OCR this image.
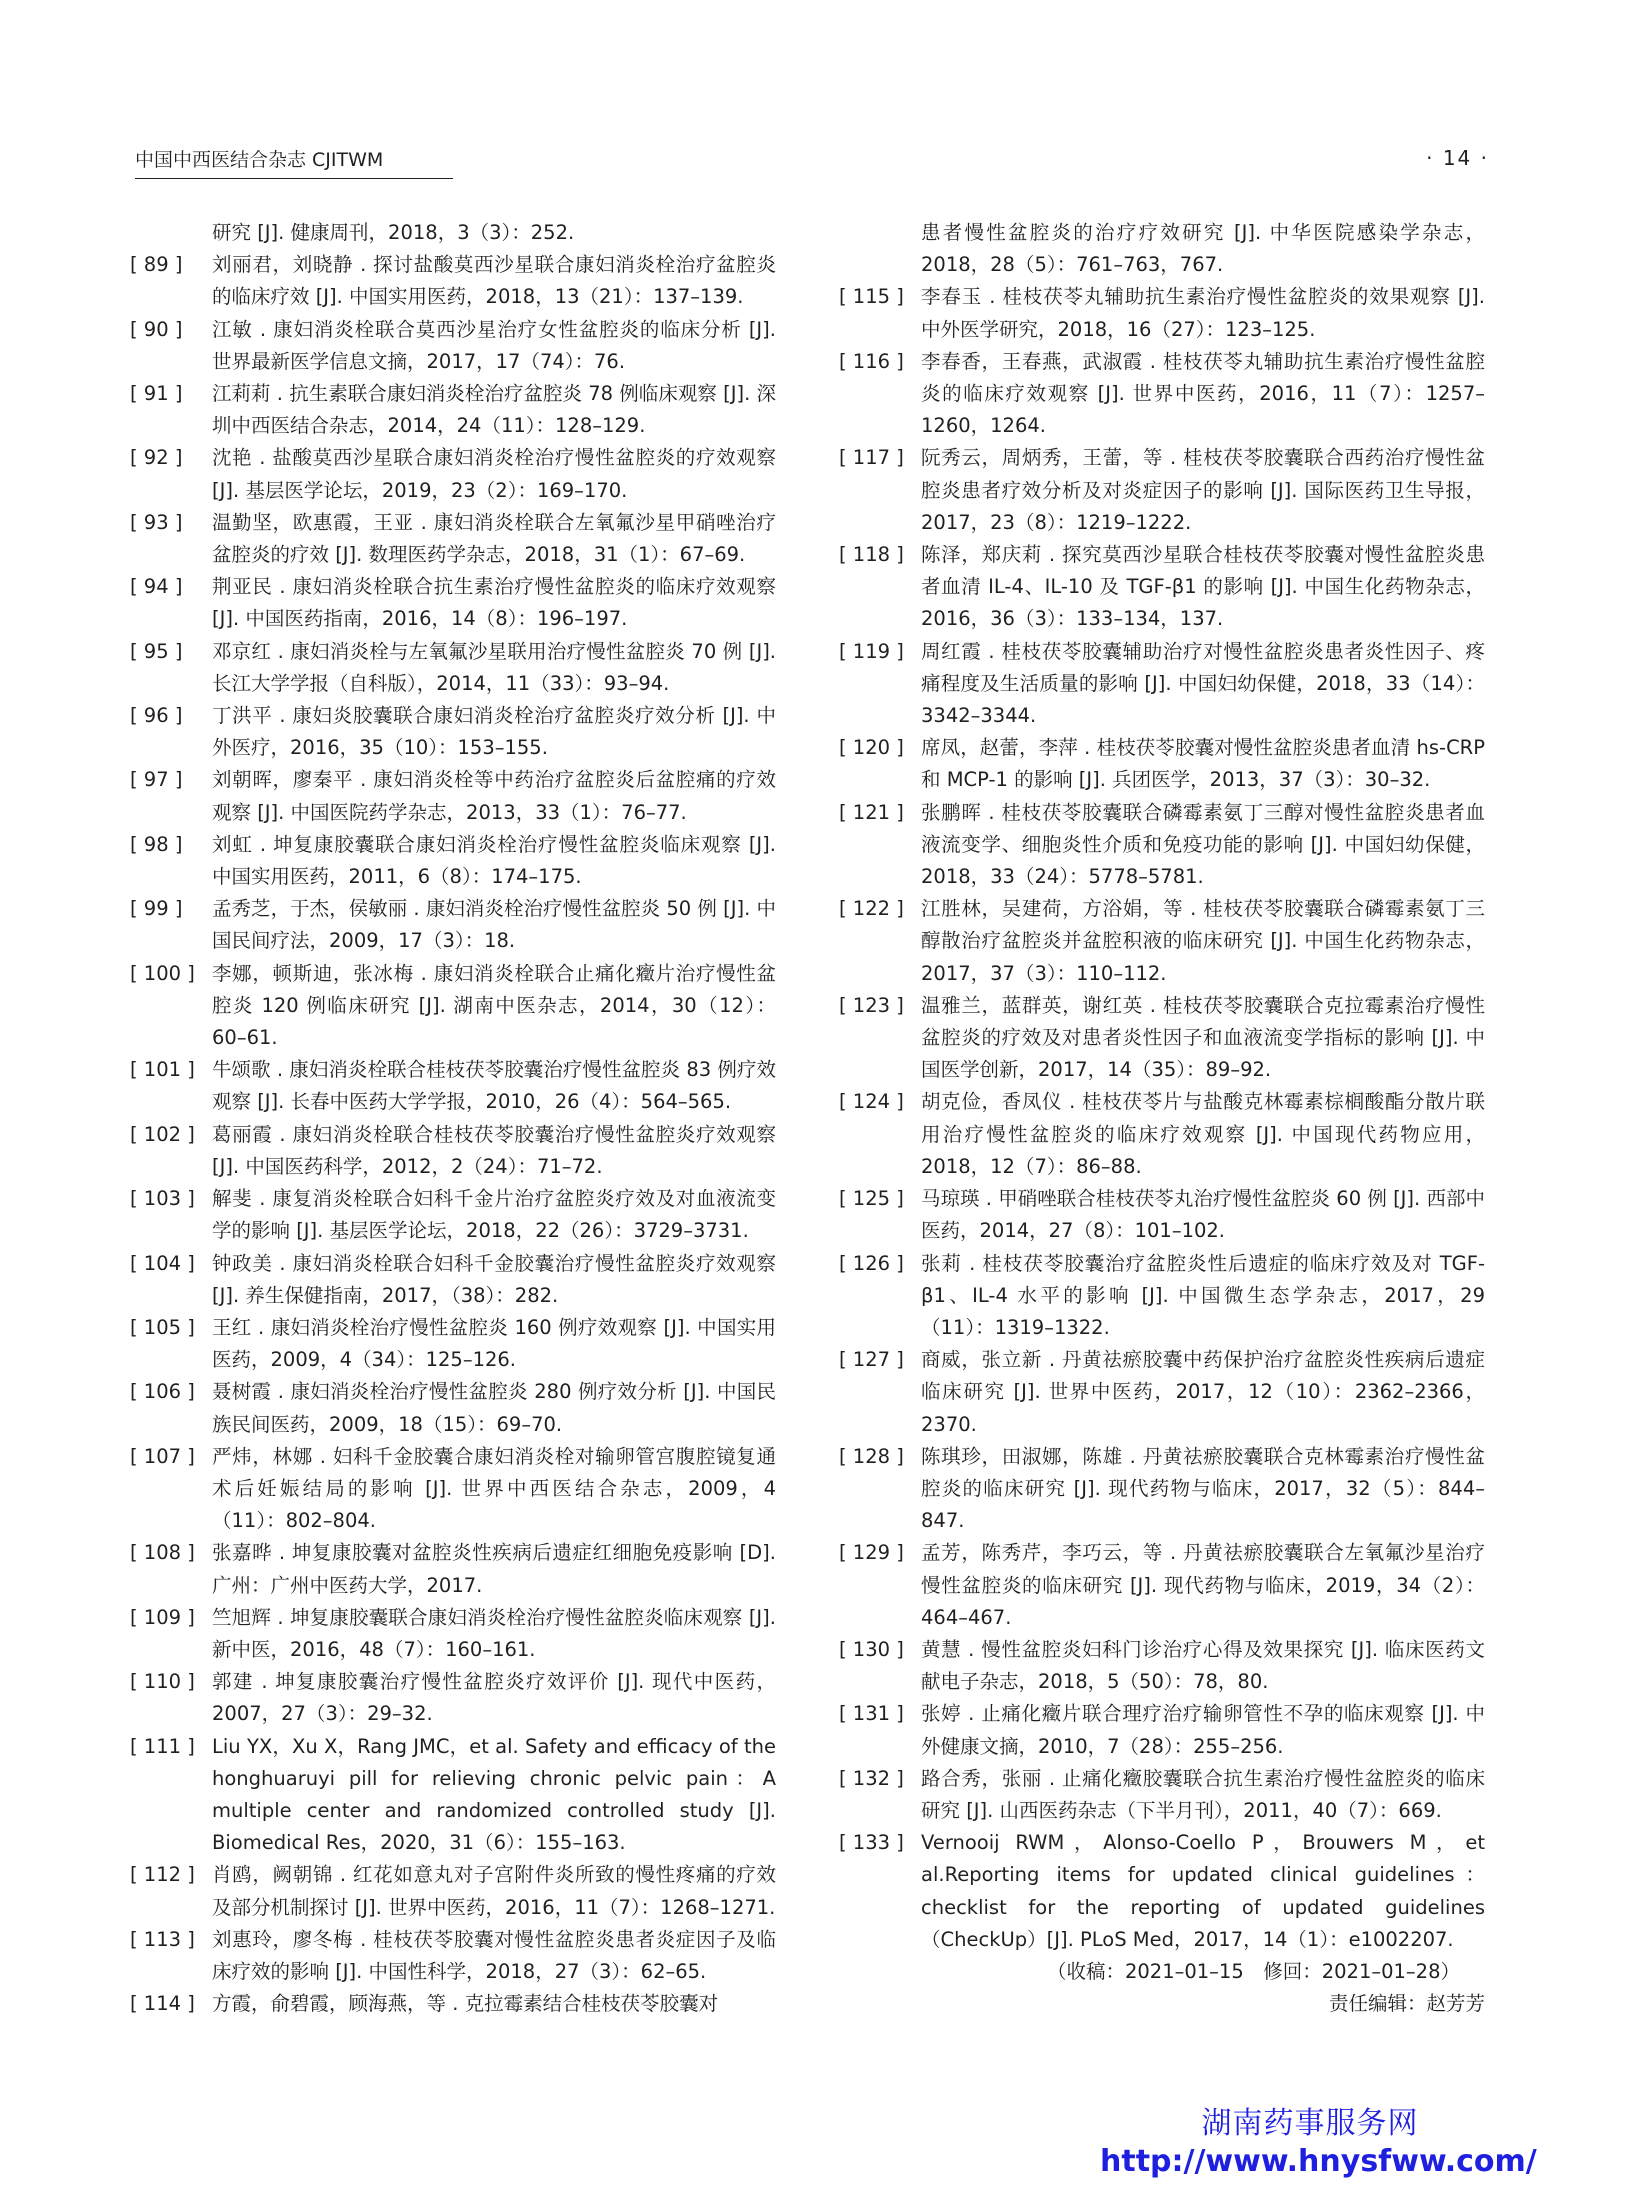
中国中西医结合杂志 CJITWM	· 14 ·
研究 [J]. 健康周刊，2018，3（3）：252.
[ 89 ]	刘丽君，刘晓静 . 探讨盐酸莫西沙星联合康妇消炎栓治疗盆腔炎的临床疗效 [J]. 中国实用医药，2018，13（21）：137–139.
[ 90 ]	江敏 . 康妇消炎栓联合莫西沙星治疗女性盆腔炎的临床分析 [J]. 世界最新医学信息文摘，2017，17（74）：76.
[ 91 ]	江莉莉 . 抗生素联合康妇消炎栓治疗盆腔炎 78 例临床观察 [J]. 深圳中西医结合杂志，2014，24（11）：128–129.
[ 92 ]	沈艳 . 盐酸莫西沙星联合康妇消炎栓治疗慢性盆腔炎的疗效观察 [J]. 基层医学论坛，2019，23（2）：169–170.
[ 93 ]	温勤坚，欧惠霞，王亚 . 康妇消炎栓联合左氧氟沙星甲硝唑治疗盆腔炎的疗效 [J]. 数理医药学杂志，2018，31（1）：67–69.
[ 94 ]	荆亚民 . 康妇消炎栓联合抗生素治疗慢性盆腔炎的临床疗效观察 [J]. 中国医药指南，2016，14（8）：196–197.
[ 95 ]	邓京红 . 康妇消炎栓与左氧氟沙星联用治疗慢性盆腔炎 70 例 [J]. 长江大学学报（自科版），2014，11（33）：93–94.
[ 96 ]	丁洪平 . 康妇炎胶囊联合康妇消炎栓治疗盆腔炎疗效分析 [J]. 中外医疗，2016，35（10）：153–155.
[ 97 ]	刘朝晖，廖秦平 . 康妇消炎栓等中药治疗盆腔炎后盆腔痛的疗效观察 [J]. 中国医院药学杂志，2013，33（1）：76–77.
[ 98 ]	刘虹 . 坤复康胶囊联合康妇消炎栓治疗慢性盆腔炎临床观察 [J]. 中国实用医药，2011，6（8）：174–175.
[ 99 ]	孟秀芝，于杰，侯敏丽 . 康妇消炎栓治疗慢性盆腔炎 50 例 [J]. 中国民间疗法，2009，17（3）：18.
[ 100 ] 李娜，顿斯迪，张冰梅 . 康妇消炎栓联合止痛化癥片治疗慢性盆腔炎 120 例临床研究 [J]. 湖南中医杂志，2014，30（12）：60–61.
[ 101 ] 牛颂歌 . 康妇消炎栓联合桂枝茯苓胶囊治疗慢性盆腔炎 83 例疗效观察 [J]. 长春中医药大学学报，2010，26（4）：564–565.
[ 102 ] 葛丽霞 . 康妇消炎栓联合桂枝茯苓胶囊治疗慢性盆腔炎疗效观察 [J]. 中国医药科学，2012，2（24）：71–72.
[ 103 ] 解斐 . 康复消炎栓联合妇科千金片治疗盆腔炎疗效及对血液流变学的影响 [J]. 基层医学论坛，2018，22（26）：3729–3731.
[ 104 ] 钟政美 . 康妇消炎栓联合妇科千金胶囊治疗慢性盆腔炎疗效观察 [J]. 养生保健指南，2017，（38）：282.
[ 105 ] 王红 . 康妇消炎栓治疗慢性盆腔炎 160 例疗效观察 [J]. 中国实用医药，2009，4（34）：125–126.
[ 106 ] 聂树霞 . 康妇消炎栓治疗慢性盆腔炎 280 例疗效分析 [J]. 中国民族民间医药，2009，18（15）：69–70.
[ 107 ] 严炜，林娜 . 妇科千金胶囊合康妇消炎栓对输卵管宫腹腔镜复通术后妊娠结局的影响 [J]. 世界中西医结合杂志，2009，4（11）：802–804.
[ 108 ] 张嘉晔 . 坤复康胶囊对盆腔炎性疾病后遗症红细胞免疫影响 [D]. 广州：广州中医药大学，2017.
[ 109 ] 竺旭辉 . 坤复康胶囊联合康妇消炎栓治疗慢性盆腔炎临床观察 [J]. 新中医，2016，48（7）：160–161.
[ 110 ] 郭建 . 坤复康胶囊治疗慢性盆腔炎疗效评价 [J]. 现代中医药，2007，27（3）：29–32.
[ 111 ] Liu YX，Xu X，Rang JMC，et al. Safety and efficacy of the honghuaruyi pill for relieving chronic pelvic pain：A multiple center and randomized controlled study [J]. Biomedical Res，2020，31（6）：155–163.
[ 112 ] 肖鸥，阙朝锦 . 红花如意丸对子宫附件炎所致的慢性疼痛的疗效及部分机制探讨 [J]. 世界中医药，2016，11（7）：1268–1271.
[ 113 ] 刘惠玲，廖冬梅 . 桂枝茯苓胶囊对慢性盆腔炎患者炎症因子及临床疗效的影响 [J]. 中国性科学，2018，27（3）：62–65.
[ 114 ] 方霞，俞碧霞，顾海燕，等 . 克拉霉素结合桂枝茯苓胶囊对
患者慢性盆腔炎的治疗疗效研究 [J]. 中华医院感染学杂志，2018，28（5）：761–763，767.
[ 115 ] 李春玉 . 桂枝茯苓丸辅助抗生素治疗慢性盆腔炎的效果观察 [J]. 中外医学研究，2018，16（27）：123–125.
[ 116 ] 李春香，王春燕，武淑霞 . 桂枝茯苓丸辅助抗生素治疗慢性盆腔炎的临床疗效观察 [J]. 世界中医药，2016，11（7）：1257–1260，1264.
[ 117 ] 阮秀云，周炳秀，王蕾，等 . 桂枝茯苓胶囊联合西药治疗慢性盆腔炎患者疗效分析及对炎症因子的影响 [J]. 国际医药卫生导报，2017，23（8）：1219–1222.
[ 118 ] 陈泽，郑庆莉 . 探究莫西沙星联合桂枝茯苓胶囊对慢性盆腔炎患者血清 IL-4、IL-10 及 TGF-β1 的影响 [J]. 中国生化药物杂志，2016，36（3）：133–134，137.
[ 119 ] 周红霞 . 桂枝茯苓胶囊辅助治疗对慢性盆腔炎患者炎性因子、疼痛程度及生活质量的影响 [J]. 中国妇幼保健，2018，33（14）：3342–3344.
[ 120 ] 席凤，赵蕾，李萍 . 桂枝茯苓胶囊对慢性盆腔炎患者血清 hs-CRP 和 MCP-1 的影响 [J]. 兵团医学，2013，37（3）：30–32.
[ 121 ] 张鹏晖 . 桂枝茯苓胶囊联合磷霉素氨丁三醇对慢性盆腔炎患者血液流变学、细胞炎性介质和免疫功能的影响 [J]. 中国妇幼保健，2018，33（24）：5778–5781.
[ 122 ] 江胜林，吴建荷，方浴娟，等 . 桂枝茯苓胶囊联合磷霉素氨丁三醇散治疗盆腔炎并盆腔积液的临床研究 [J]. 中国生化药物杂志，2017，37（3）：110–112.
[ 123 ] 温雅兰，蓝群英，谢红英 . 桂枝茯苓胶囊联合克拉霉素治疗慢性盆腔炎的疗效及对患者炎性因子和血液流变学指标的影响 [J]. 中国医学创新，2017，14（35）：89–92.
[ 124 ] 胡克俭，香凤仪 . 桂枝茯苓片与盐酸克林霉素棕榈酸酯分散片联用治疗慢性盆腔炎的临床疗效观察 [J]. 中国现代药物应用，2018，12（7）：86–88.
[ 125 ] 马琼瑛 . 甲硝唑联合桂枝茯苓丸治疗慢性盆腔炎 60 例 [J]. 西部中医药，2014，27（8）：101–102.
[ 126 ] 张莉 . 桂枝茯苓胶囊治疗盆腔炎性后遗症的临床疗效及对 TGF-β1、IL-4 水平的影响 [J]. 中国微生态学杂志，2017，29（11）：1319–1322.
[ 127 ] 商威，张立新 . 丹黄祛瘀胶囊中药保护治疗盆腔炎性疾病后遗症临床研究 [J]. 世界中医药，2017，12（10）：2362–2366，2370.
[ 128 ] 陈琪珍，田淑娜，陈雄 . 丹黄祛瘀胶囊联合克林霉素治疗慢性盆腔炎的临床研究 [J]. 现代药物与临床，2017，32（5）：844–847.
[ 129 ] 孟芳，陈秀芹，李巧云，等 . 丹黄祛瘀胶囊联合左氧氟沙星治疗慢性盆腔炎的临床研究 [J]. 现代药物与临床，2019，34（2）：464–467.
[ 130 ] 黄慧 . 慢性盆腔炎妇科门诊治疗心得及效果探究 [J]. 临床医药文献电子杂志，2018，5（50）：78，80.
[ 131 ] 张婷 . 止痛化癥片联合理疗治疗输卵管性不孕的临床观察 [J]. 中外健康文摘，2010，7（28）：255–256.
[ 132 ] 路合秀，张丽 . 止痛化癥胶囊联合抗生素治疗慢性盆腔炎的临床研究 [J]. 山西医药杂志（下半月刊），2011，40（7）：669.
[ 133 ] Vernooij RWM，Alonso-Coello P，Brouwers M，et al.Reporting items for updated clinical guidelines：checklist for the reporting of updated guidelines（CheckUp）[J]. PLoS Med，2017，14（1）：e1002207.
（收稿：2021–01–15　修回：2021–01–28）
责任编辑：赵芳芳
湖南药事服务网
http://www.hnysfww.com/
